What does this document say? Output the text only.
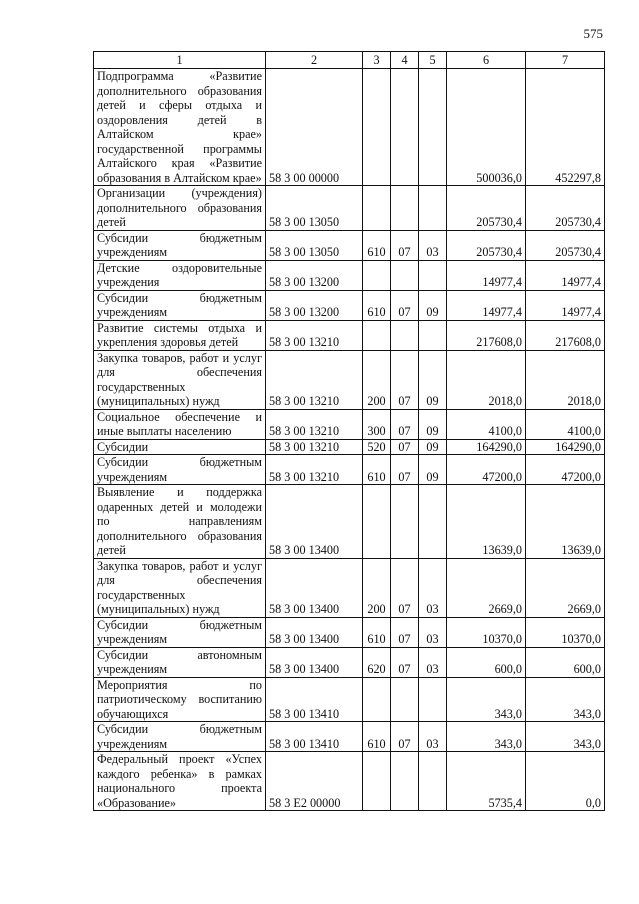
575
1	2	3	4	5	6	7
Подпрограмма «Развитие дополнительного образования детей и сферы отдыха и оздоровления детей в Алтайском крае» государственной программы Алтайского края «Развитие образования в Алтайском крае»	58 3 00 00000				500036,0	452297,8
Организации (учреждения) дополнительного образования детей	58 3 00 13050				205730,4	205730,4
Субсидии бюджетным учреждениям	58 3 00 13050	610	07	03	205730,4	205730,4
Детские оздоровительные учреждения	58 3 00 13200				14977,4	14977,4
Субсидии бюджетным учреждениям	58 3 00 13200	610	07	09	14977,4	14977,4
Развитие системы отдыха и укрепления здоровья детей	58 3 00 13210				217608,0	217608,0
Закупка товаров, работ и услуг для обеспечения государственных (муниципальных) нужд	58 3 00 13210	200	07	09	2018,0	2018,0
Социальное обеспечение и иные выплаты населению	58 3 00 13210	300	07	09	4100,0	4100,0
Субсидии	58 3 00 13210	520	07	09	164290,0	164290,0
Субсидии бюджетным учреждениям	58 3 00 13210	610	07	09	47200,0	47200,0
Выявление и поддержка одаренных детей и молодежи по направлениям дополнительного образования детей	58 3 00 13400				13639,0	13639,0
Закупка товаров, работ и услуг для обеспечения государственных (муниципальных) нужд	58 3 00 13400	200	07	03	2669,0	2669,0
Субсидии бюджетным учреждениям	58 3 00 13400	610	07	03	10370,0	10370,0
Субсидии автономным учреждениям	58 3 00 13400	620	07	03	600,0	600,0
Мероприятия по патриотическому воспитанию обучающихся	58 3 00 13410				343,0	343,0
Субсидии бюджетным учреждениям	58 3 00 13410	610	07	03	343,0	343,0
Федеральный проект «Успех каждого ребенка» в рамках национального проекта «Образование»	58 3 E2 00000				5735,4	0,0
